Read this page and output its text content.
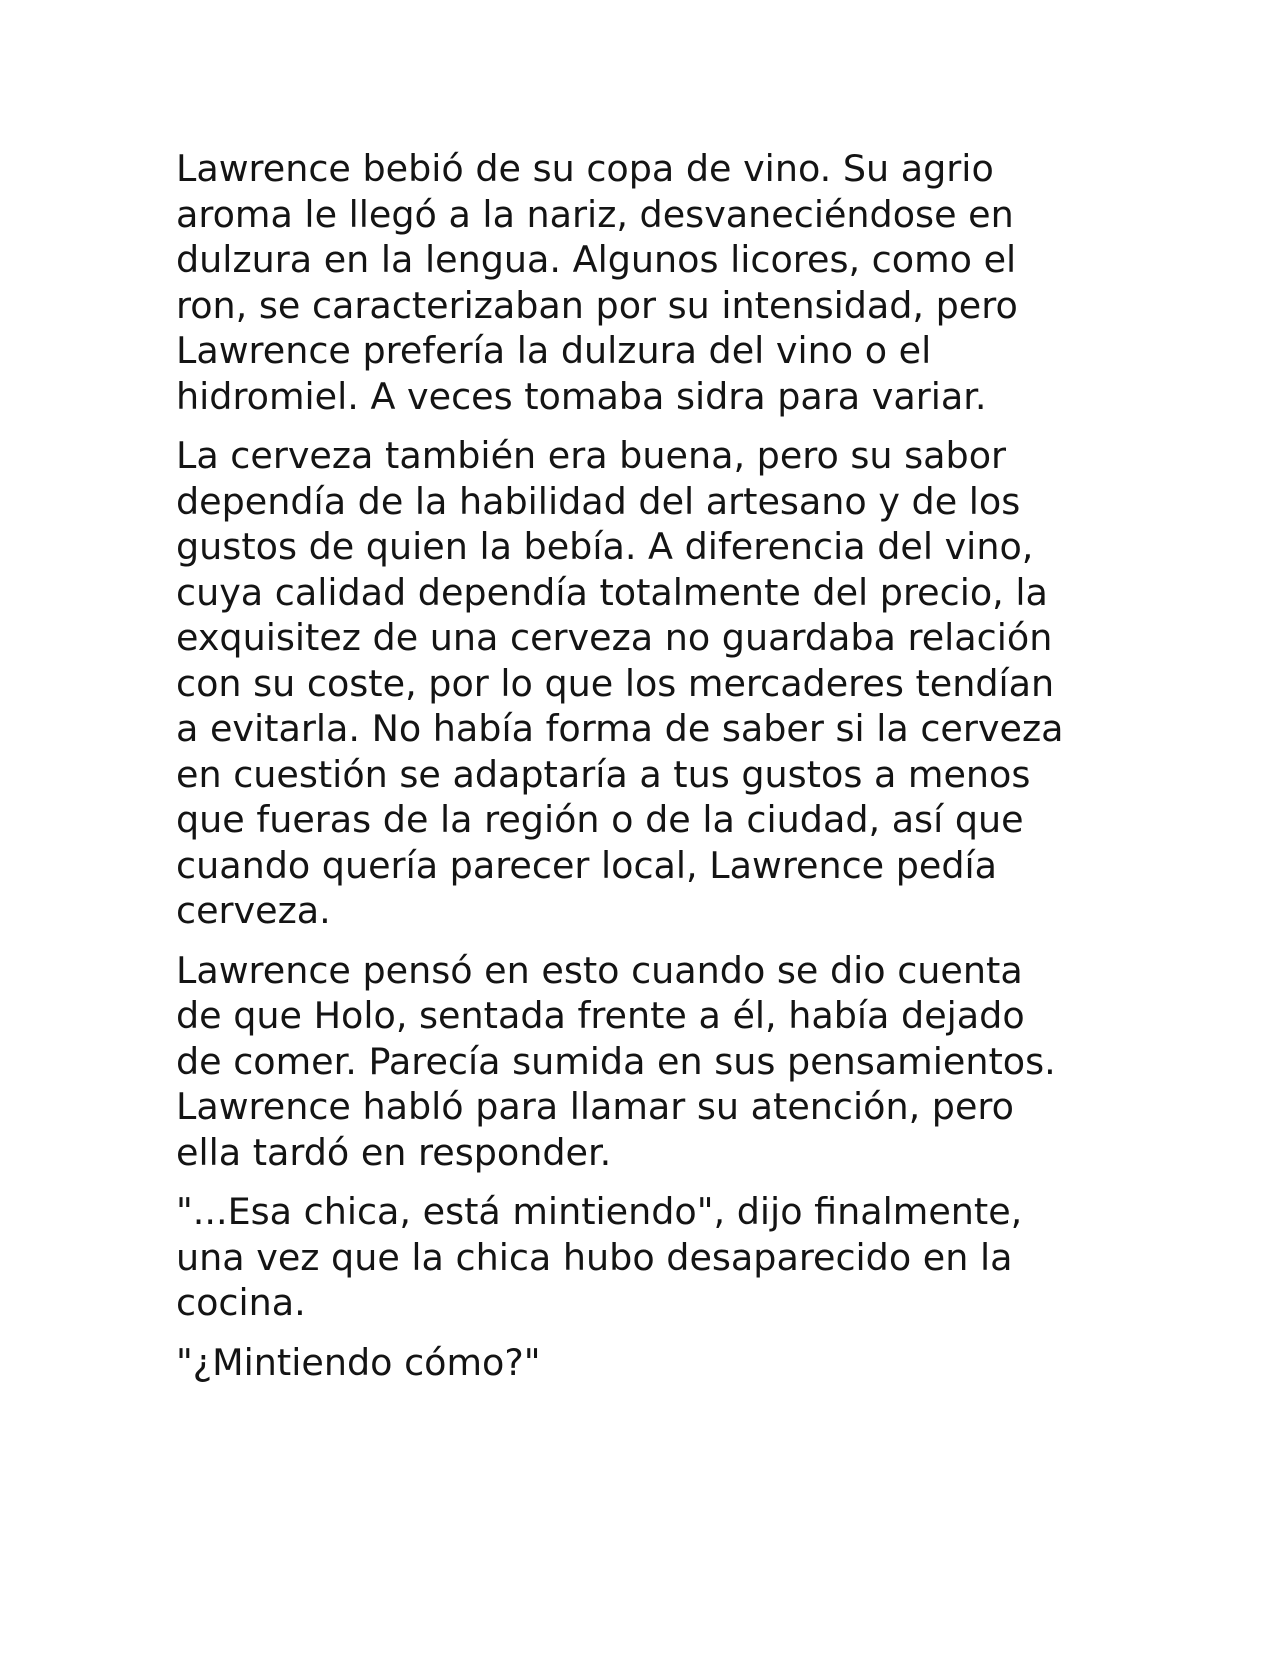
Lawrence bebió de su copa de vino. Su agrio
aroma le llegó a la nariz, desvaneciéndose en
dulzura en la lengua. Algunos licores, como el
ron, se caracterizaban por su intensidad, pero
Lawrence prefería la dulzura del vino o el
hidromiel. A veces tomaba sidra para variar.

La cerveza también era buena, pero su sabor
dependía de la habilidad del artesano y de los
gustos de quien la bebía. A diferencia del vino,
cuya calidad dependía totalmente del precio, la
exquisitez de una cerveza no guardaba relación
con su coste, por lo que los mercaderes tendían
a evitarla. No había forma de saber si la cerveza
en cuestión se adaptaría a tus gustos a menos
que fueras de la región o de la ciudad, así que
cuando quería parecer local, Lawrence pedía
cerveza.

Lawrence pensó en esto cuando se dio cuenta
de que Holo, sentada frente a él, había dejado
de comer. Parecía sumida en sus pensamientos.
Lawrence habló para llamar su atención, pero
ella tardó en responder.

"...Esa chica, está mintiendo", dijo finalmente,
una vez que la chica hubo desaparecido en la
cocina.

"¿Mintiendo cómo?"
